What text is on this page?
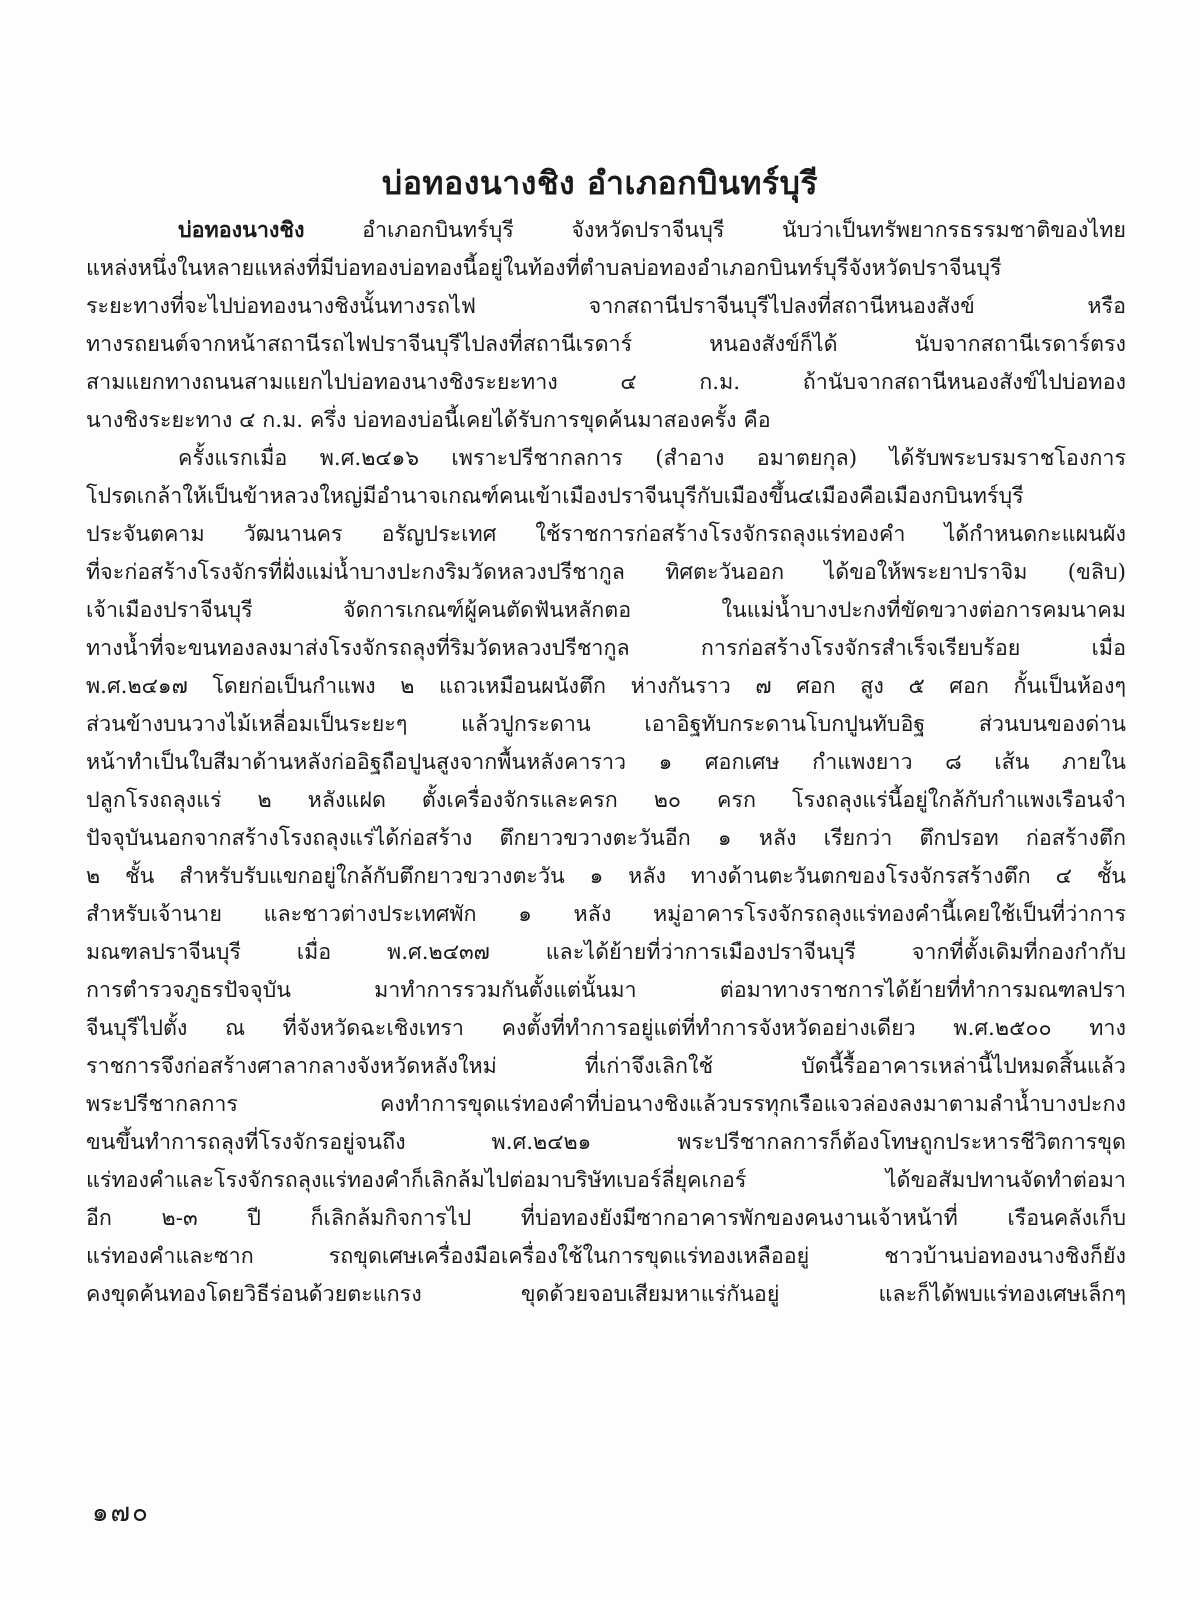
บ่อทองนางชิง อำเภอกบินทร์บุรี
บ่อทองนางชิง อำเภอกบินทร์บุรี จังหวัดปราจีนบุรี นับว่าเป็นทรัพยากรธรรมชาติของไทย
แหล่งหนึ่งในหลายแหล่งที่มีบ่อทองบ่อทองนี้อยู่ในท้องที่ตำบลบ่อทองอำเภอกบินทร์บุรีจังหวัดปราจีนบุรี
ระยะทางที่จะไปบ่อทองนางชิงนั้นทางรถไฟ จากสถานีปราจีนบุรีไปลงที่สถานีหนองสังข์ หรือ
ทางรถยนต์จากหน้าสถานีรถไฟปราจีนบุรีไปลงที่สถานีเรดาร์ หนองสังข์ก็ได้ นับจากสถานีเรดาร์ตรง
สามแยกทางถนนสามแยกไปบ่อทองนางชิงระยะทาง ๔ ก.ม. ถ้านับจากสถานีหนองสังข์ไปบ่อทอง
นางชิงระยะทาง ๔ ก.ม. ครึ่ง บ่อทองบ่อนี้เคยได้รับการขุดค้นมาสองครั้ง คือ
ครั้งแรกเมื่อ พ.ศ.๒๔๑๖ เพราะปรีชากลการ (สำอาง อมาตยกุล) ได้รับพระบรมราชโองการ
โปรดเกล้าให้เป็นข้าหลวงใหญ่มีอำนาจเกณฑ์คนเข้าเมืองปราจีนบุรีกับเมืองขึ้น๔เมืองคือเมืองกบินทร์บุรี
ประจันตคาม วัฒนานคร อรัญประเทศ ใช้ราชการก่อสร้างโรงจักรถลุงแร่ทองคำ ได้กำหนดกะแผนผัง
ที่จะก่อสร้างโรงจักรที่ฝั่งแม่น้ำบางปะกงริมวัดหลวงปรีชากูล ทิศตะวันออก ได้ขอให้พระยาปราจิม (ขลิบ)
เจ้าเมืองปราจีนบุรี จัดการเกณฑ์ผู้คนตัดฟันหลักตอ ในแม่น้ำบางปะกงที่ขัดขวางต่อการคมนาคม
ทางน้ำที่จะขนทองลงมาส่งโรงจักรถลุงที่ริมวัดหลวงปรีชากูล การก่อสร้างโรงจักรสำเร็จเรียบร้อย เมื่อ
พ.ศ.๒๔๑๗ โดยก่อเป็นกำแพง ๒ แถวเหมือนผนังตึก ห่างกันราว ๗ ศอก สูง ๕ ศอก กั้นเป็นห้องๆ
ส่วนข้างบนวางไม้เหลี่อมเป็นระยะๆ แล้วปูกระดาน เอาอิฐทับกระดานโบกปูนทับอิฐ ส่วนบนของด่าน
หน้าทำเป็นใบสีมาด้านหลังก่ออิฐถือปูนสูงจากพื้นหลังคาราว ๑ ศอกเศษ กำแพงยาว ๘ เส้น ภายใน
ปลูกโรงถลุงแร่ ๒ หลังแฝด ตั้งเครื่องจักรและครก ๒๐ ครก โรงถลุงแร่นี้อยู่ใกล้กับกำแพงเรือนจำ
ปัจจุบันนอกจากสร้างโรงถลุงแร่ได้ก่อสร้าง ตึกยาวขวางตะวันอีก ๑ หลัง เรียกว่า ตึกปรอท ก่อสร้างตึก
๒ ชั้น สำหรับรับแขกอยู่ใกล้กับตึกยาวขวางตะวัน ๑ หลัง ทางด้านตะวันตกของโรงจักรสร้างตึก ๔ ชั้น
สำหรับเจ้านาย และชาวต่างประเทศพัก ๑ หลัง หมู่อาคารโรงจักรถลุงแร่ทองคำนี้เคยใช้เป็นที่ว่าการ
มณฑลปราจีนบุรี เมื่อ พ.ศ.๒๔๓๗ และได้ย้ายที่ว่าการเมืองปราจีนบุรี จากที่ตั้งเดิมที่กองกำกับ
การตำรวจภูธรปัจจุบัน มาทำการรวมกันตั้งแต่นั้นมา ต่อมาทางราชการได้ย้ายที่ทำการมณฑลปรา
จีนบุรีไปตั้ง ณ ที่จังหวัดฉะเชิงเทรา คงตั้งที่ทำการอยู่แต่ที่ทำการจังหวัดอย่างเดียว พ.ศ.๒๕๐๐ ทาง
ราชการจึงก่อสร้างศาลากลางจังหวัดหลังใหม่ ที่เก่าจึงเลิกใช้ บัดนี้รื้ออาคารเหล่านี้ไปหมดสิ้นแล้ว
พระปรีชากลการ คงทำการขุดแร่ทองคำที่บ่อนางชิงแล้วบรรทุกเรือแจวล่องลงมาตามลำน้ำบางปะกง
ขนขึ้นทำการถลุงที่โรงจักรอยู่จนถึง พ.ศ.๒๔๒๑ พระปรีชากลการก็ต้องโทษถูกประหารชีวิตการขุด
แร่ทองคำและโรงจักรถลุงแร่ทองคำก็เลิกล้มไปต่อมาบริษัทเบอร์ลี่ยุคเกอร์ ได้ขอสัมปทานจัดทำต่อมา
อีก ๒-๓ ปี ก็เลิกล้มกิจการไป ที่บ่อทองยังมีซากอาคารพักของคนงานเจ้าหน้าที่ เรือนคลังเก็บ
แร่ทองคำและซาก รถขุดเศษเครื่องมือเครื่องใช้ในการขุดแร่ทองเหลืออยู่ ชาวบ้านบ่อทองนางชิงก็ยัง
คงขุดค้นทองโดยวิธีร่อนด้วยตะแกรง ขุดด้วยจอบเสียมหาแร่กันอยู่ และก็ได้พบแร่ทองเศษเล็กๆ
๑๗๐
